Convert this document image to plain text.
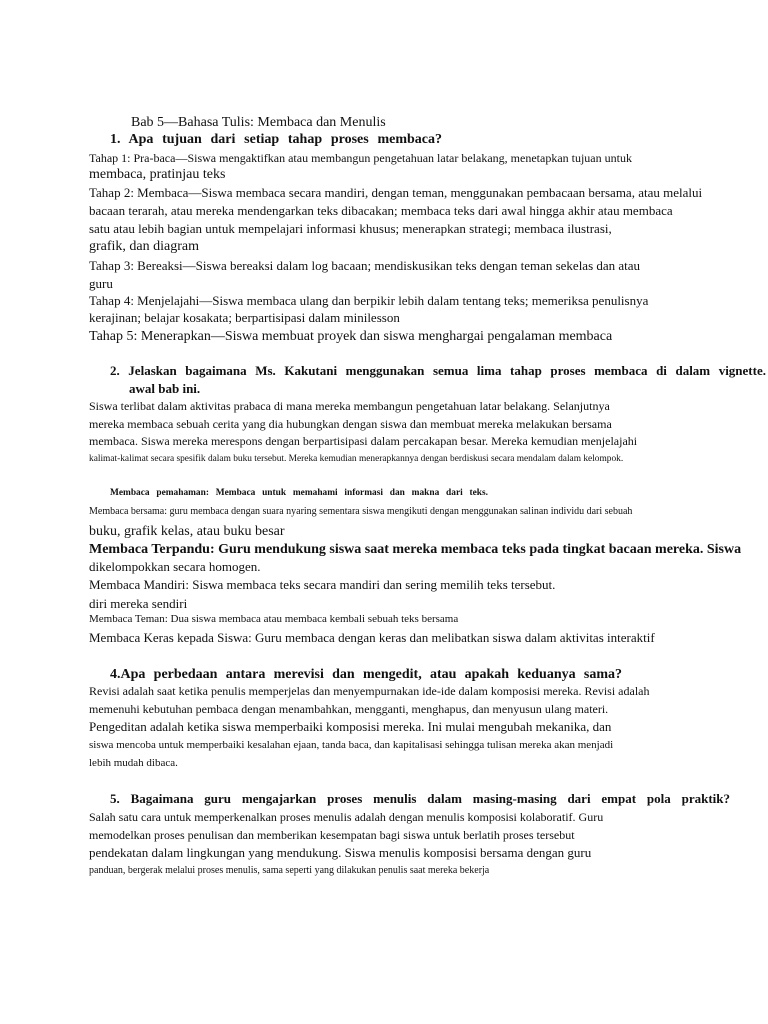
Bab 5—Bahasa Tulis: Membaca dan Menulis
1. Apa tujuan dari setiap tahap proses membaca?
Tahap 1: Pra-baca—Siswa mengaktifkan atau membangun pengetahuan latar belakang, menetapkan tujuan untuk
membaca, pratinjau teks
Tahap 2: Membaca—Siswa membaca secara mandiri, dengan teman, menggunakan pembacaan bersama, atau melalui
bacaan terarah, atau mereka mendengarkan teks dibacakan; membaca teks dari awal hingga akhir atau membaca
satu atau lebih bagian untuk mempelajari informasi khusus; menerapkan strategi; membaca ilustrasi,
grafik, dan diagram
Tahap 3: Bereaksi—Siswa bereaksi dalam log bacaan; mendiskusikan teks dengan teman sekelas dan atau
guru
Tahap 4: Menjelajahi—Siswa membaca ulang dan berpikir lebih dalam tentang teks; memeriksa penulisnya
kerajinan; belajar kosakata; berpartisipasi dalam minilesson
Tahap 5: Menerapkan—Siswa membuat proyek dan siswa menghargai pengalaman membaca
2. Jelaskan bagaimana Ms. Kakutani menggunakan semua lima tahap proses membaca di dalam vignette.
awal bab ini.
Siswa terlibat dalam aktivitas prabaca di mana mereka membangun pengetahuan latar belakang. Selanjutnya
mereka membaca sebuah cerita yang dia hubungkan dengan siswa dan membuat mereka melakukan bersama
membaca. Siswa mereka merespons dengan berpartisipasi dalam percakapan besar. Mereka kemudian menjelajahi
kalimat-kalimat secara spesifik dalam buku tersebut. Mereka kemudian menerapkannya dengan berdiskusi secara mendalam dalam kelompok.
Membaca pemahaman: Membaca untuk memahami informasi dan makna dari teks.
Membaca bersama: guru membaca dengan suara nyaring sementara siswa mengikuti dengan menggunakan salinan individu dari sebuah
buku, grafik kelas, atau buku besar
Membaca Terpandu: Guru mendukung siswa saat mereka membaca teks pada tingkat bacaan mereka. Siswa
dikelompokkan secara homogen.
Membaca Mandiri: Siswa membaca teks secara mandiri dan sering memilih teks tersebut.
diri mereka sendiri
Membaca Teman: Dua siswa membaca atau membaca kembali sebuah teks bersama
Membaca Keras kepada Siswa: Guru membaca dengan keras dan melibatkan siswa dalam aktivitas interaktif
4.Apa perbedaan antara merevisi dan mengedit, atau apakah keduanya sama?
Revisi adalah saat ketika penulis memperjelas dan menyempurnakan ide-ide dalam komposisi mereka. Revisi adalah
memenuhi kebutuhan pembaca dengan menambahkan, mengganti, menghapus, dan menyusun ulang materi.
Pengeditan adalah ketika siswa memperbaiki komposisi mereka. Ini mulai mengubah mekanika, dan
siswa mencoba untuk memperbaiki kesalahan ejaan, tanda baca, dan kapitalisasi sehingga tulisan mereka akan menjadi
lebih mudah dibaca.
5. Bagaimana guru mengajarkan proses menulis dalam masing-masing dari empat pola praktik?
Salah satu cara untuk memperkenalkan proses menulis adalah dengan menulis komposisi kolaboratif. Guru
memodelkan proses penulisan dan memberikan kesempatan bagi siswa untuk berlatih proses tersebut
pendekatan dalam lingkungan yang mendukung. Siswa menulis komposisi bersama dengan guru
panduan, bergerak melalui proses menulis, sama seperti yang dilakukan penulis saat mereka bekerja
